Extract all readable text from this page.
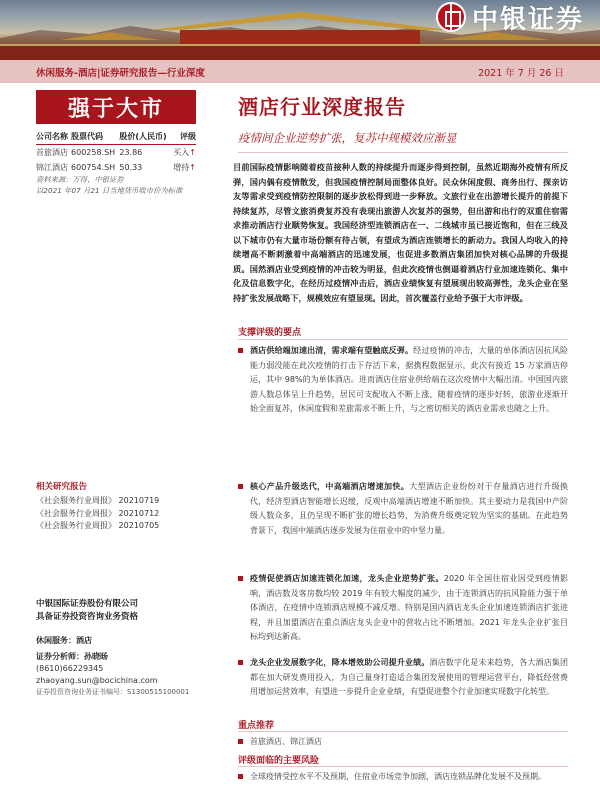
中银证券
休闲服务-酒店|证券研究报告—行业深度	2021 年 7 月 26 日
强于大市
公司名称	股票代码	股价(人民币)	评级
首旅酒店	600258.SH	23.86	买入↑
锦江酒店	600754.SH	50.33	增持↑
资料来源：万得，中银证券
以2021 年07 月21 日当地货币收市价为标准
相关研究报告
《社会服务行业周报》 20210719
《社会服务行业周报》 20210712
《社会服务行业周报》 20210705
中银国际证券股份有限公司
具备证券投资咨询业务资格
休闲服务：酒店
证券分析师：孙晓旸
(8610)66229345
zhaoyang.sun@bocichina.com
证券投资咨询业务证书编号：S1300515100001
酒店行业深度报告
疫情间企业逆势扩张，复苏中规模效应渐显
目前国际疫情影响随着疫苗接种人数的持续提升而逐步得到控制，虽然近期海外疫情有所反弹，国内偶有疫情散发，但我国疫情控制局面整体良好。民众休闲度假、商务出行、探亲访友等需求受到疫情防控限制的逐步放松得到进一步释放。文旅行业在出游增长提升的前提下持续复苏，尽管文旅消费复苏没有表现出旅游人次复苏的强势，但出游和出行的双重住宿需求推动酒店行业顺势恢复。我国经济型连锁酒店在一、二线城市虽已接近饱和，但在三线及以下城市仍有大量市场份额有待占领，有望成为酒店连锁增长的新动力。我国人均收入的持续增高不断刺激着中高端酒店的迅速发展，也促进多数酒店集团加快对核心品牌的升级提质。国然酒店业受到疫情的冲击较为明显，但此次疫情也倒逼着酒店行业加速连锁化、集中化及信息数字化，在经历过疫情冲击后，酒店业绩恢复有望展现出较高弹性，龙头企业在坚持扩张发展战略下，规模效应有望显现。因此，首次覆盖行业给予强于大市评级。
支撑评级的要点
酒店供给端加速出清，需求端有望触底反弹。经过疫情的冲击，大量的单体酒店因抗风险能力弱没能在此次疫情的打击下存活下来，据携程数据显示，此次有接近 15 万家酒店停运，其中 98%的为单体酒店。进而酒店住宿业供给端在这次疫情中大幅出清。中国国内旅游人数总体呈上升趋势，居民可支配收入不断上涨，随着疫情的逐步好转，旅游业逐渐开始全面复苏，休闲度假和差旅需求不断上升，与之密切相关的酒店业需求也随之上升。
核心产品升级迭代，中高端酒店增速加快。大型酒店企业纷纷对于存量酒店进行升级换代，经济型酒店智能增长迟缓，反观中高端酒店增速不断加快。其主要动力是我国中产阶级人数众多，且仍呈现不断扩张的增长趋势，为消费升级奠定较为坚实的基础。在此趋势背景下，我国中端酒店逐步发展为住宿业中的中坚力量。
疫情促使酒店加速连锁化加速，龙头企业逆势扩张。2020 年全国住宿业因受到疫情影响，酒店数及客房数均较 2019 年有较大幅度的减少，由于连锁酒店的抗风险能力强于单体酒店，在疫情中连锁酒店规模不减反增。特别是国内酒店龙头企业加速连锁酒店扩张进程，并且加盟酒店在重点酒店龙头企业中的营收占比不断增加。2021 年龙头企业扩张目标均到达新高。
龙头企业发展数字化，降本增效助公司提升业绩。酒店数字化是未来趋势，各大酒店集团都在加大研发费用投入，为自己量身打造适合集团发展使用的管理运营平台，降低经营费用增加运营效率，有望进一步提升企业业绩，有望促进整个行业加速实现数字化转型。
重点推荐
首旅酒店、锦江酒店
评级面临的主要风险
全球疫情受控水平不及预期，住宿业市场竞争加剧，酒店连锁品牌化发展不及预期。
